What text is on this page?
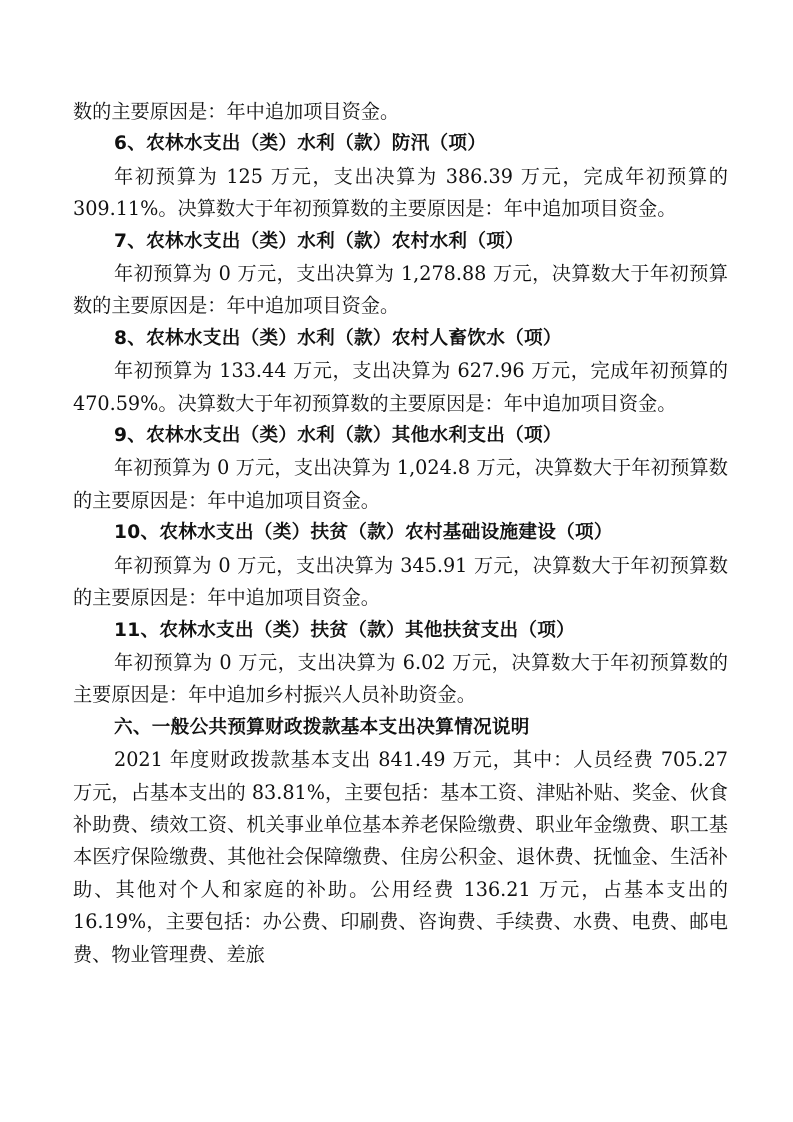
数的主要原因是：年中追加项目资金。

6、农林水支出（类）水利（款）防汛（项）

年初预算为 125 万元，支出决算为 386.39 万元，完成年初预算的 309.11%。决算数大于年初预算数的主要原因是：年中追加项目资金。

7、农林水支出（类）水利（款）农村水利（项）

年初预算为 0 万元，支出决算为 1,278.88 万元，决算数大于年初预算数的主要原因是：年中追加项目资金。

8、农林水支出（类）水利（款）农村人畜饮水（项）

年初预算为 133.44 万元，支出决算为 627.96 万元，完成年初预算的 470.59%。决算数大于年初预算数的主要原因是：年中追加项目资金。

9、农林水支出（类）水利（款）其他水利支出（项）

年初预算为 0 万元，支出决算为 1,024.8 万元，决算数大于年初预算数的主要原因是：年中追加项目资金。

10、农林水支出（类）扶贫（款）农村基础设施建设（项）

年初预算为 0 万元，支出决算为 345.91 万元，决算数大于年初预算数的主要原因是：年中追加项目资金。

11、农林水支出（类）扶贫（款）其他扶贫支出（项）

年初预算为 0 万元，支出决算为 6.02 万元，决算数大于年初预算数的主要原因是：年中追加乡村振兴人员补助资金。

六、一般公共预算财政拨款基本支出决算情况说明

2021 年度财政拨款基本支出 841.49 万元，其中：人员经费 705.27 万元，占基本支出的 83.81%，主要包括：基本工资、津贴补贴、奖金、伙食补助费、绩效工资、机关事业单位基本养老保险缴费、职业年金缴费、职工基本医疗保险缴费、其他社会保障缴费、住房公积金、退休费、抚恤金、生活补助、其他对个人和家庭的补助。公用经费 136.21 万元，占基本支出的 16.19%，主要包括：办公费、印刷费、咨询费、手续费、水费、电费、邮电费、物业管理费、差旅
